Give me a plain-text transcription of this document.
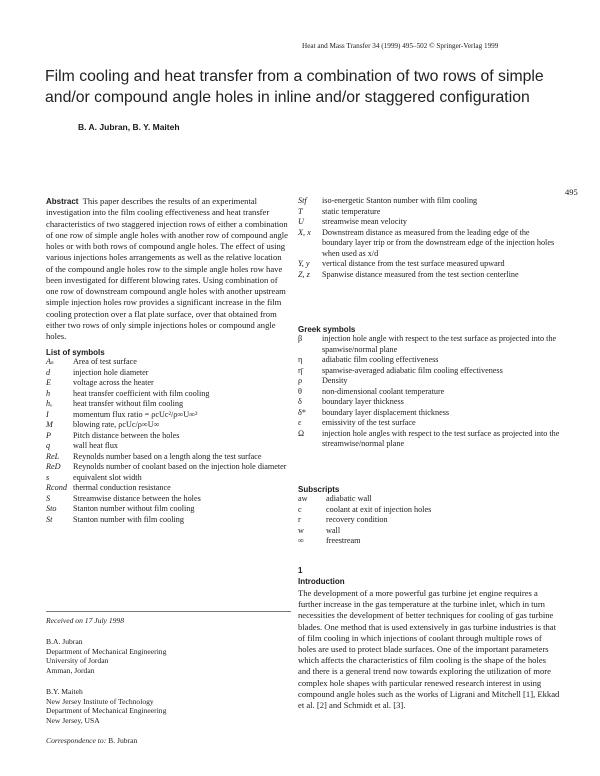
Heat and Mass Transfer 34 (1999) 495–502 © Springer-Verlag 1999
495
Film cooling and heat transfer from a combination of two rows of simple and/or compound angle holes in inline and/or staggered configuration
B. A. Jubran, B. Y. Maiteh

Abstract This paper describes the results of an experimental investigation into the film cooling effectiveness and heat transfer characteristics of two staggered injection rows of either a combination of one row of simple angle holes with another row of compound angle holes or with both rows of compound angle holes. The effect of using various injections holes arrangements as well as the relative location of the compound angle holes row to the simple angle holes row have been investigated for different blowing rates. Using combination of one row of downstream compound angle holes with another upstream simple injection holes row provides a significant increase in the film cooling protection over a flat plate surface, over that obtained from either two rows of only simple injections holes or compound angle holes.

List of symbols
Aₛ	Area of test surface
d	injection hole diameter
E	voltage across the heater
h	heat transfer coefficient with film cooling
hₒ	heat transfer without film cooling
I	momentum flux ratio = ρcUc²/ρ∞U∞²
M	blowing rate, ρcUc/ρ∞U∞
P	Pitch distance between the holes
q	wall heat flux
ReL	Reynolds number based on a length along the test surface
ReD	Reynolds number of coolant based on the injection hole diameter
s	equivalent slot width
Rcond thermal conduction resistance
S	Streamwise distance between the holes
Sto	Stanton number without film cooling
St	Stanton number with film cooling
Stf	iso-energetic Stanton number with film cooling
T	static temperature
U	streamwise mean velocity
X, x	Downstream distance as measured from the leading edge of the boundary layer trip or from the downstream edge of the injection holes when used as x/d
Y, y	vertical distance from the test surface measured upward
Z, z	Spanwise distance measured from the test section centerline
Greek symbols
β	injection hole angle with respect to the test surface as projected into the spanwise/normal plane
η	adiabatic film cooling effectiveness
η̄	spanwise-averaged adiabatic film cooling effectiveness
ρ	Density
θ	non-dimensional coolant temperature
δ	boundary layer thickness
δ*	boundary layer displacement thickness
ε	emissivity of the test surface
Ω	injection hole angles with respect to the test surface as projected into the streamwise/normal plane
Subscripts
aw	adiabatic wall
c	coolant at exit of injection holes
r	recovery condition
w	wall
∞	freestream
Received on 17 July 1998
B.A. Jubran
Department of Mechanical Engineering
University of Jordan
Amman, Jordan
B.Y. Maiteh
New Jersey Institute of Technology
Department of Mechanical Engineering
New Jersey, USA
Correspondence to: B. Jubran
1
Introduction

The development of a more powerful gas turbine jet engine requires a further increase in the gas temperature at the turbine inlet, which in turn necessities the development of better techniques for cooling of gas turbine blades. One method that is used extensively in gas turbine industries is that of film cooling in which injections of coolant through multiple rows of holes are used to protect blade surfaces. One of the important parameters which affects the characteristics of film cooling is the shape of the holes and there is a general trend now towards exploring the utilization of more complex hole shapes with particular renewed research interest in using compound angle holes such as the works of Ligrani and Mitchell [1], Ekkad et al. [2] and Schmidt et al. [3].
